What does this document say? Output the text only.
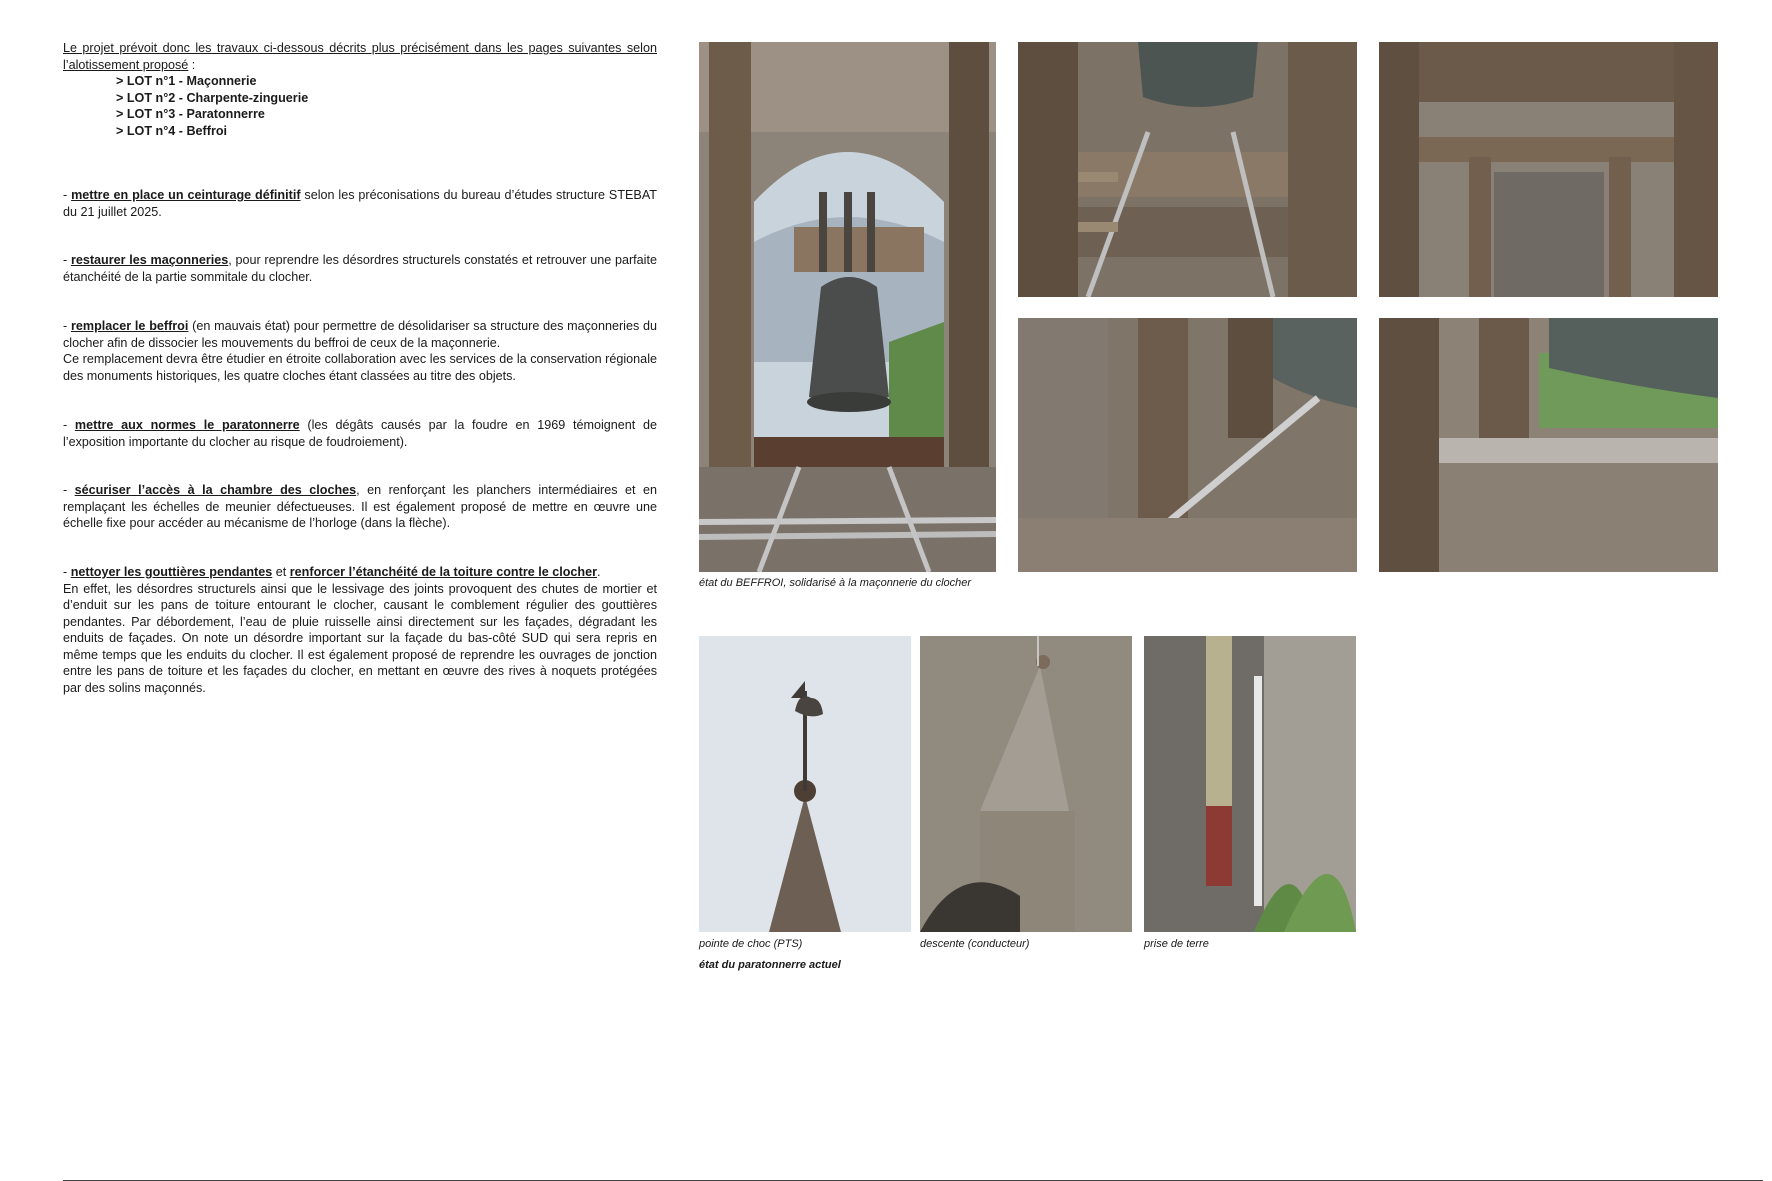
Le projet prévoit donc les travaux ci-dessous décrits plus précisément dans les pages suivantes selon l’alotissement proposé :

> LOT n°1 - Maçonnerie
> LOT n°2 - Charpente-zinguerie
> LOT n°3 - Paratonnerre
> LOT n°4 - Beffroi
- mettre en place un ceinturage définitif selon les préconisations du bureau d’études structure STEBAT du 21 juillet 2025.
- restaurer les maçonneries, pour reprendre les désordres structurels constatés et retrouver une parfaite étanchéité de la partie sommitale du clocher.
- remplacer le beffroi (en mauvais état) pour permettre de désolidariser sa structure des maçonneries du clocher afin de dissocier les mouvements du beffroi de ceux de la maçonnerie.
Ce remplacement devra être étudier en étroite collaboration avec les services de la conservation régionale des monuments historiques, les quatre cloches étant classées au titre des objets.
- mettre aux normes le paratonnerre (les dégâts causés par la foudre en 1969 témoignent de l’exposition importante du clocher au risque de foudroiement).
- sécuriser l’accès à la chambre des cloches, en renforçant les planchers intermédiaires et en remplaçant les échelles de meunier défectueuses. Il est également proposé de mettre en œuvre une échelle fixe pour accéder au mécanisme de l’horloge (dans la flèche).
- nettoyer les gouttières pendantes et renforcer l’étanchéité de la toiture contre le clocher.
En effet, les désordres structurels ainsi que le lessivage des joints provoquent des chutes de mortier et d’enduit sur les pans de toiture entourant le clocher, causant le comblement régulier des gouttières pendantes. Par débordement, l’eau de pluie ruisselle ainsi directement sur les façades, dégradant les enduits de façades. On note un désordre important sur la façade du bas-côté SUD qui sera repris en même temps que les enduits du clocher. Il est également proposé de reprendre les ouvrages de jonction entre les pans de toiture et les façades du clocher, en mettant en œuvre des rives à noquets protégées par des solins maçonnés.
état du BEFFROI, solidarisé à la maçonnerie du clocher
pointe de choc (PTS)	descente (conducteur)	prise de terre
état du paratonnerre actuel
